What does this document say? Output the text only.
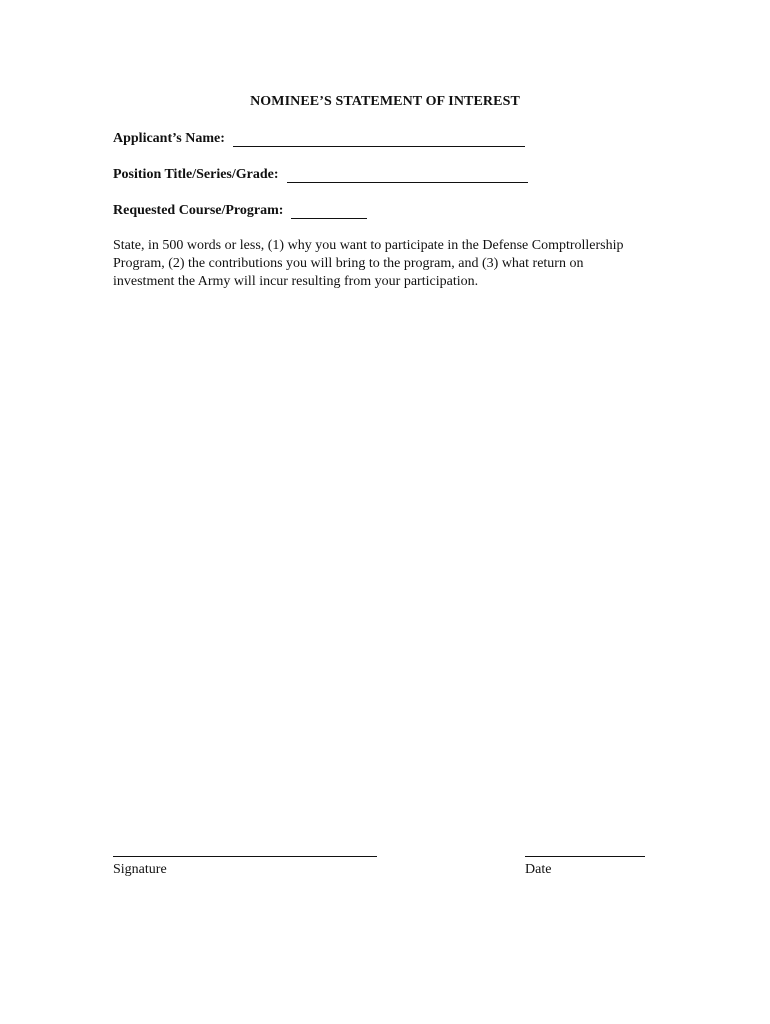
NOMINEE’S STATEMENT OF INTEREST
Applicant’s Name:
Position Title/Series/Grade:
Requested Course/Program:
State, in 500 words or less, (1) why you want to participate in the Defense Comptrollership Program, (2) the contributions you will bring to the program, and (3) what return on investment the Army will incur resulting from your participation.
Signature	Date
